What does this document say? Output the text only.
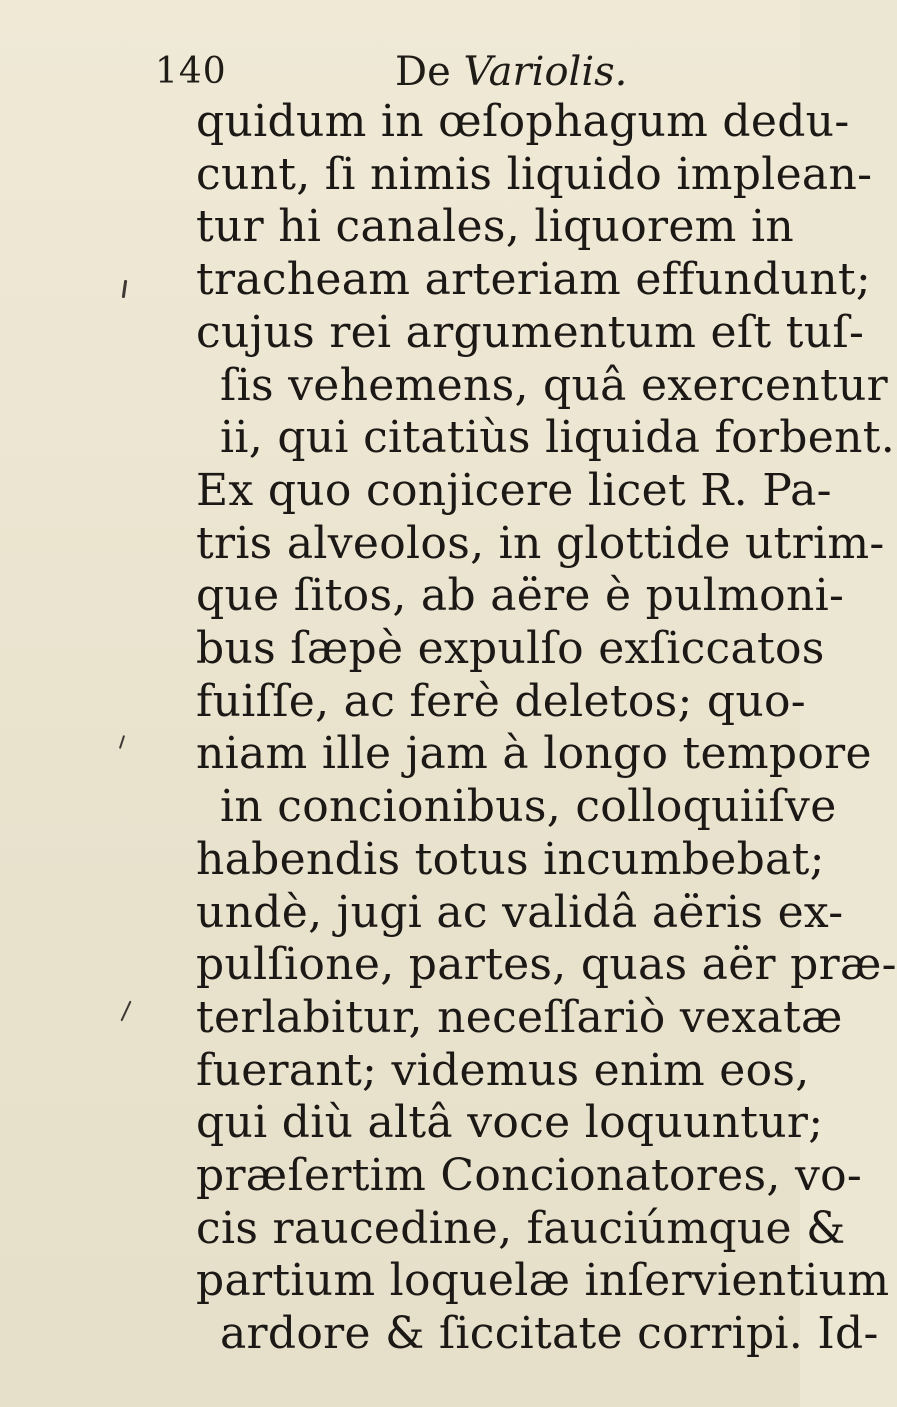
140	De Variolis.
quidum in œſophagum dedu-
cunt, ſi nimis liquido implean-
tur hi canales, liquorem in
tracheam arteriam effundunt;
cujus rei argumentum eſt tuſ-
ſis vehemens, quâ exercentur
ii, qui citatiùs liquida forbent.
Ex quo conjicere licet R. Pa-
tris alveolos, in glottide utrim-
que ſitos, ab aëre è pulmoni-
bus ſæpè expulſo exſiccatos
fuiſſe, ac ferè deletos; quo-
niam ille jam à longo tempore
in concionibus, colloquiiſve
habendis totus incumbebat;
undè, jugi ac validâ aëris ex-
pulſione, partes, quas aër præ-
terlabitur, neceſſariò vexatæ
fuerant; videmus enim eos,
qui diù altâ voce loquuntur;
præſertim Concionatores, vo-
cis raucedine, fauciúmque &
partium loquelæ inſervientium
ardore & ſiccitate corripi. Id-
